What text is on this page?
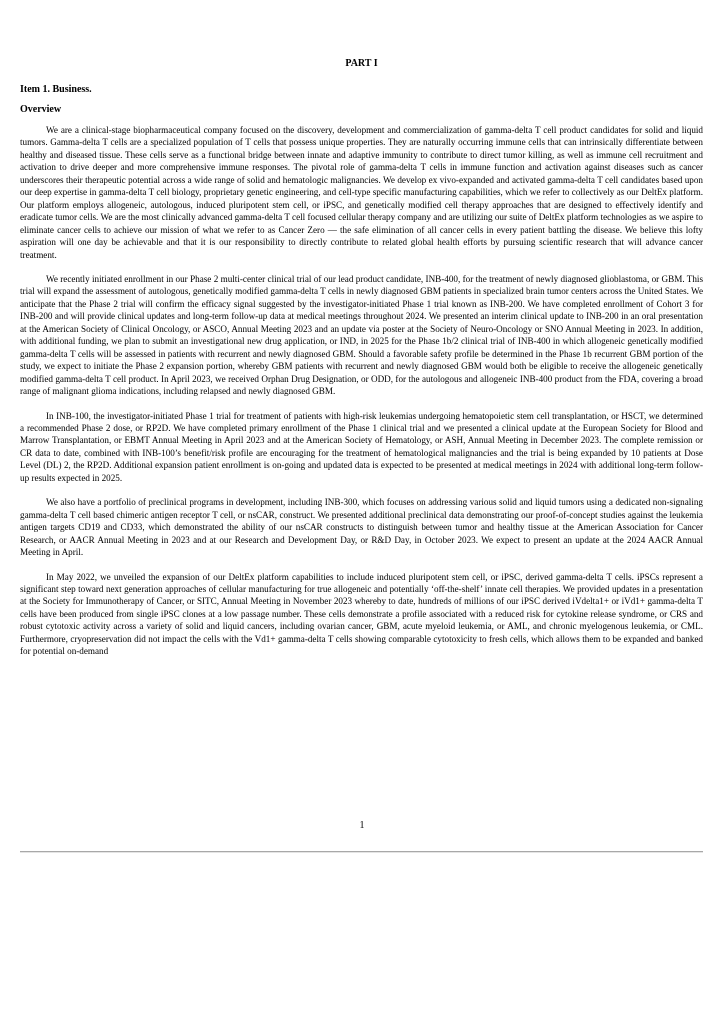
PART I
Item 1. Business.
Overview

We are a clinical-stage biopharmaceutical company focused on the discovery, development and commercialization of gamma-delta T cell product candidates for solid and liquid tumors. Gamma-delta T cells are a specialized population of T cells that possess unique properties. They are naturally occurring immune cells that can intrinsically differentiate between healthy and diseased tissue. These cells serve as a functional bridge between innate and adaptive immunity to contribute to direct tumor killing, as well as immune cell recruitment and activation to drive deeper and more comprehensive immune responses. The pivotal role of gamma-delta T cells in immune function and activation against diseases such as cancer underscores their therapeutic potential across a wide range of solid and hematologic malignancies. We develop ex vivo-expanded and activated gamma-delta T cell candidates based upon our deep expertise in gamma-delta T cell biology, proprietary genetic engineering, and cell-type specific manufacturing capabilities, which we refer to collectively as our DeltEx platform. Our platform employs allogeneic, autologous, induced pluripotent stem cell, or iPSC, and genetically modified cell therapy approaches that are designed to effectively identify and eradicate tumor cells. We are the most clinically advanced gamma-delta T cell focused cellular therapy company and are utilizing our suite of DeltEx platform technologies as we aspire to eliminate cancer cells to achieve our mission of what we refer to as Cancer Zero — the safe elimination of all cancer cells in every patient battling the disease. We believe this lofty aspiration will one day be achievable and that it is our responsibility to directly contribute to related global health efforts by pursuing scientific research that will advance cancer treatment.

We recently initiated enrollment in our Phase 2 multi-center clinical trial of our lead product candidate, INB-400, for the treatment of newly diagnosed glioblastoma, or GBM. This trial will expand the assessment of autologous, genetically modified gamma-delta T cells in newly diagnosed GBM patients in specialized brain tumor centers across the United States. We anticipate that the Phase 2 trial will confirm the efficacy signal suggested by the investigator-initiated Phase 1 trial known as INB-200. We have completed enrollment of Cohort 3 for INB-200 and will provide clinical updates and long-term follow-up data at medical meetings throughout 2024. We presented an interim clinical update to INB-200 in an oral presentation at the American Society of Clinical Oncology, or ASCO, Annual Meeting 2023 and an update via poster at the Society of Neuro-Oncology or SNO Annual Meeting in 2023. In addition, with additional funding, we plan to submit an investigational new drug application, or IND, in 2025 for the Phase 1b/2 clinical trial of INB-400 in which allogeneic genetically modified gamma-delta T cells will be assessed in patients with recurrent and newly diagnosed GBM. Should a favorable safety profile be determined in the Phase 1b recurrent GBM portion of the study, we expect to initiate the Phase 2 expansion portion, whereby GBM patients with recurrent and newly diagnosed GBM would both be eligible to receive the allogeneic genetically modified gamma-delta T cell product. In April 2023, we received Orphan Drug Designation, or ODD, for the autologous and allogeneic INB-400 product from the FDA, covering a broad range of malignant glioma indications, including relapsed and newly diagnosed GBM.

In INB-100, the investigator-initiated Phase 1 trial for treatment of patients with high-risk leukemias undergoing hematopoietic stem cell transplantation, or HSCT, we determined a recommended Phase 2 dose, or RP2D. We have completed primary enrollment of the Phase 1 clinical trial and we presented a clinical update at the European Society for Blood and Marrow Transplantation, or EBMT Annual Meeting in April 2023 and at the American Society of Hematology, or ASH, Annual Meeting in December 2023. The complete remission or CR data to date, combined with INB-100’s benefit/risk profile are encouraging for the treatment of hematological malignancies and the trial is being expanded by 10 patients at Dose Level (DL) 2, the RP2D. Additional expansion patient enrollment is on-going and updated data is expected to be presented at medical meetings in 2024 with additional long-term follow-up results expected in 2025.

We also have a portfolio of preclinical programs in development, including INB-300, which focuses on addressing various solid and liquid tumors using a dedicated non-signaling gamma-delta T cell based chimeric antigen receptor T cell, or nsCAR, construct. We presented additional preclinical data demonstrating our proof-of-concept studies against the leukemia antigen targets CD19 and CD33, which demonstrated the ability of our nsCAR constructs to distinguish between tumor and healthy tissue at the American Association for Cancer Research, or AACR Annual Meeting in 2023 and at our Research and Development Day, or R&D Day, in October 2023. We expect to present an update at the 2024 AACR Annual Meeting in April.

In May 2022, we unveiled the expansion of our DeltEx platform capabilities to include induced pluripotent stem cell, or iPSC, derived gamma-delta T cells. iPSCs represent a significant step toward next generation approaches of cellular manufacturing for true allogeneic and potentially ‘off-the-shelf’ innate cell therapies. We provided updates in a presentation at the Society for Immunotherapy of Cancer, or SITC, Annual Meeting in November 2023 whereby to date, hundreds of millions of our iPSC derived iVdelta1+ or iVd1+ gamma-delta T cells have been produced from single iPSC clones at a low passage number. These cells demonstrate a profile associated with a reduced risk for cytokine release syndrome, or CRS and robust cytotoxic activity across a variety of solid and liquid cancers, including ovarian cancer, GBM, acute myeloid leukemia, or AML, and chronic myelogenous leukemia, or CML. Furthermore, cryopreservation did not impact the cells with the Vd1+ gamma-delta T cells showing comparable cytotoxicity to fresh cells, which allows them to be expanded and banked for potential on-demand

1
